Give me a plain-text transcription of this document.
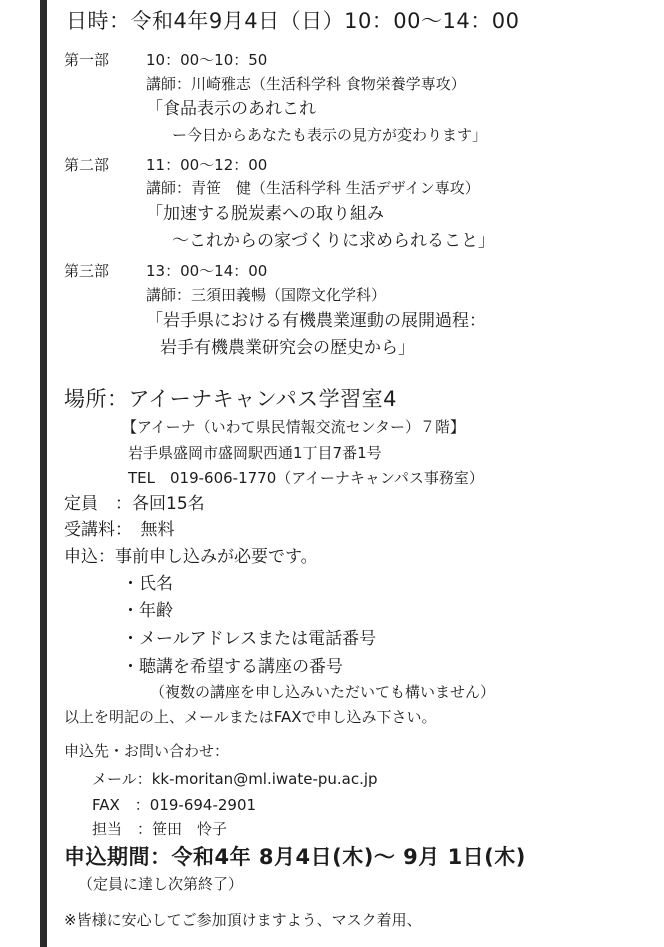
日時：令和4年9月4日（日）10：00〜14：00
第一部 10：00〜10：50
講師：川崎雅志（生活科学科 食物栄養学専攻）
「食品表示のあれこれ
ー今日からあなたも表示の見方が変わります」
第二部 11：00〜12：00
講師：青笹　健（生活科学科 生活デザイン専攻）
「加速する脱炭素への取り組み
〜これからの家づくりに求められること」
第三部 13：00〜14：00
講師：三須田義暢（国際文化学科）
「岩手県における有機農業運動の展開過程：
岩手有機農業研究会の歴史から」
場所：アイーナキャンパス学習室4
【アイーナ（いわて県民情報交流センター）７階】
岩手県盛岡市盛岡駅西通1丁目7番1号
TEL　019-606-1770（アイーナキャンパス事務室）
定員　：各回15名
受講料：　無料
申込：事前申し込みが必要です。
・氏名
・年齢
・メールアドレスまたは電話番号
・聴講を希望する講座の番号
（複数の講座を申し込みいただいても構いません）
以上を明記の上、メールまたはFAXで申し込み下さい。
申込先・お問い合わせ：
メール：kk-moritan@ml.iwate-pu.ac.jp
FAX　：019-694-2901
担当　：笹田　怜子
申込期間：令和4年 8月4日(木)〜 9月 1日(木)
（定員に達し次第終了）
※皆様に安心してご参加頂けますよう、マスク着用、
